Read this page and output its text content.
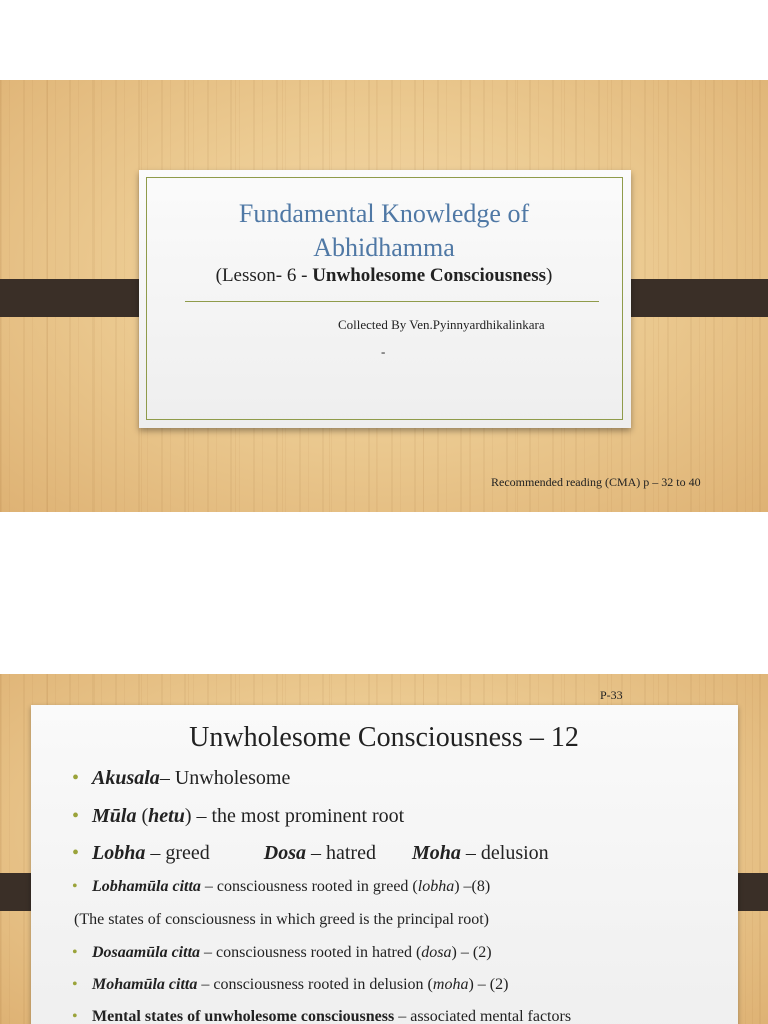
Fundamental Knowledge of
Abhidhamma
(Lesson- 6 - Unwholesome Consciousness)
Collected By Ven.Pyinnyardhikalinkara
-
Recommended reading (CMA) p – 32 to 40
P-33
Unwholesome Consciousness – 12
• Akusala– Unwholesome
• Mūla (hetu) – the most prominent root
• Lobha – greed	Dosa – hatred Moha – delusion
• Lobhamūla citta – consciousness rooted in greed (lobha) –(8)
(The states of consciousness in which greed is the principal root)
• Dosaamūla citta – consciousness rooted in hatred (dosa) – (2)
• Mohamūla citta – consciousness rooted in delusion (moha) – (2)
• Mental states of unwholesome consciousness – associated mental factors
